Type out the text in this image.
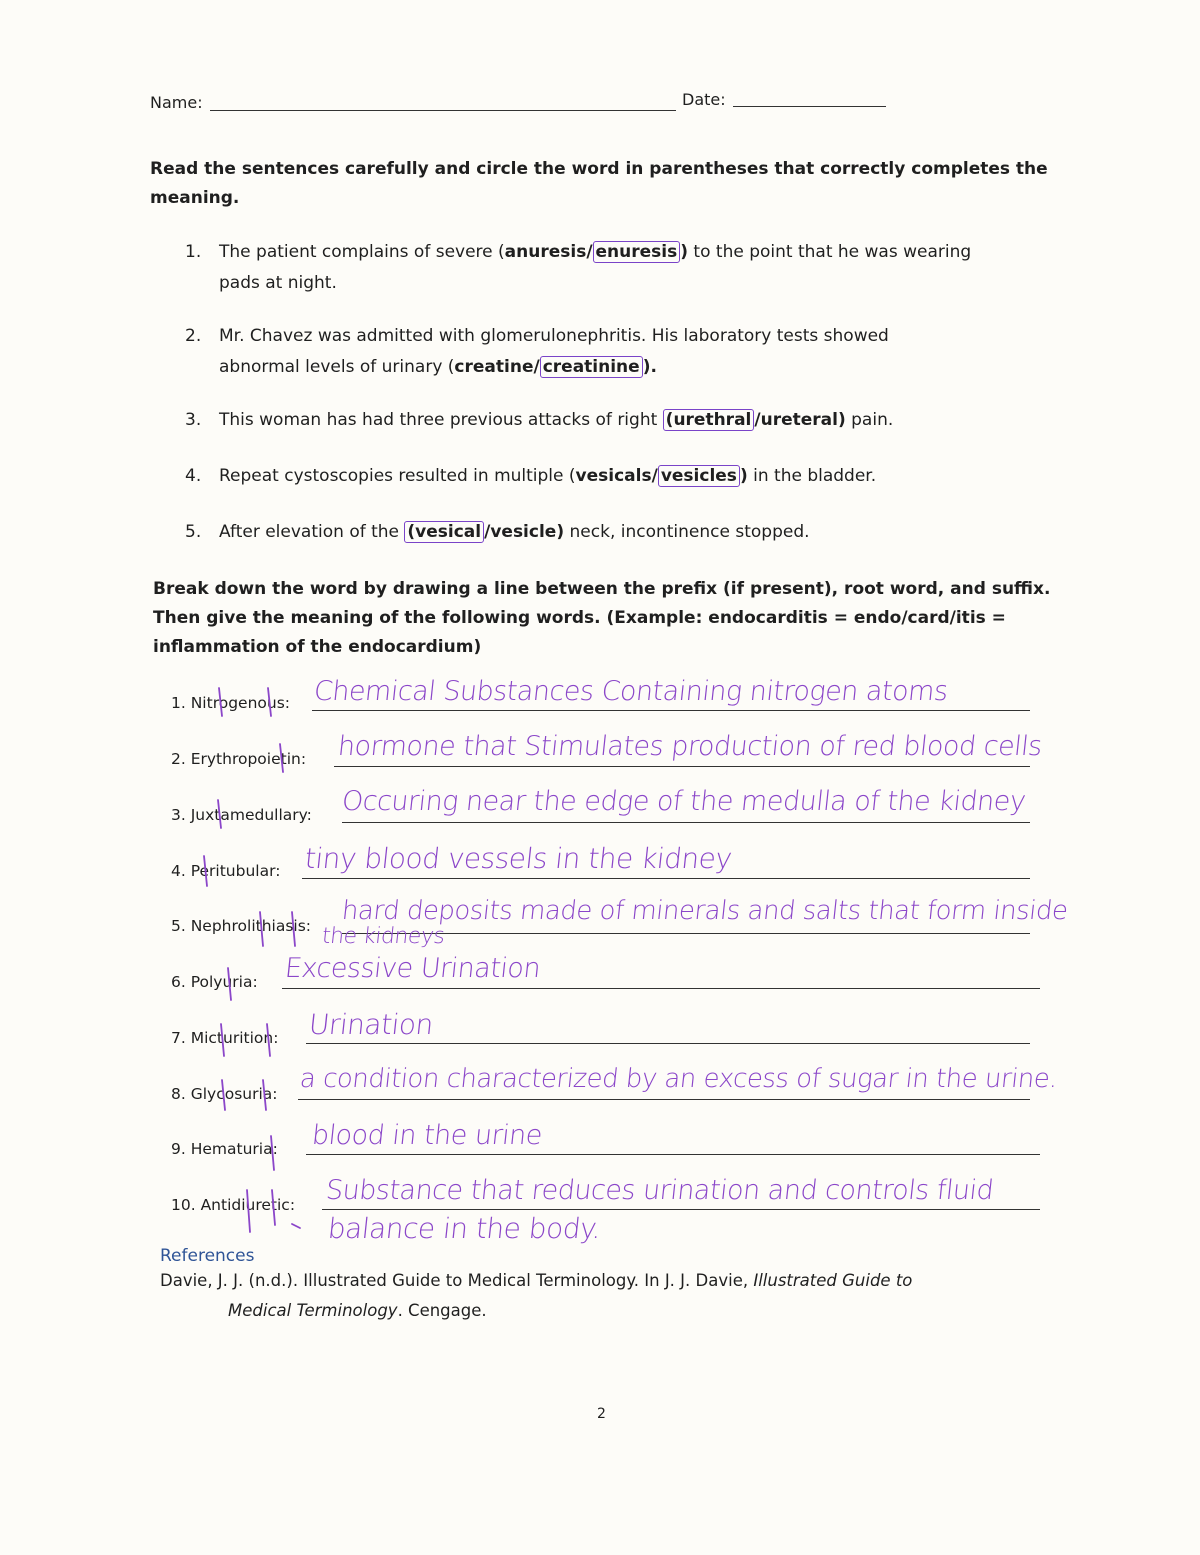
Name:	Date:
Read the sentences carefully and circle the word in parentheses that correctly completes the meaning.
1. The patient complains of severe (anuresis/ enuresis ) to the point that he was wearing
pads at night.
2. Mr. Chavez was admitted with glomerulonephritis. His laboratory tests showed
abnormal levels of urinary (creatine/ creatinine ).
3. This woman has had three previous attacks of right (urethral /ureteral) pain.
4. Repeat cystoscopies resulted in multiple (vesicals/ vesicles ) in the bladder.
5. After elevation of the (vesical /vesicle) neck, incontinence stopped.
Break down the word by drawing a line between the prefix (if present), root word, and suffix.
Then give the meaning of the following words. (Example: endocarditis = endo/card/itis =
inflammation of the endocardium)
1. Nitrogenous: Chemical Substances Containing nitrogen atoms
2. Erythropoietin: hormone that Stimulates production of red blood cells
3. Juxtamedullary: Occuring near the edge of the medulla of the kidney
4. Peritubular: tiny blood vessels in the kidney
5. Nephrolithiasis: hard deposits made of minerals and salts that form inside
the kidneys
6. Polyuria: Excessive Urination
7. Micturition: Urination
8. Glycosuria: a condition characterized by an excess of sugar in the urine.
9. Hematuria: blood in the urine
10. Antidiuretic: Substance that reduces urination and controls fluid
balance in the body.
References
Davie, J. J. (n.d.). Illustrated Guide to Medical Terminology. In J. J. Davie, Illustrated Guide to
Medical Terminology. Cengage.
2
